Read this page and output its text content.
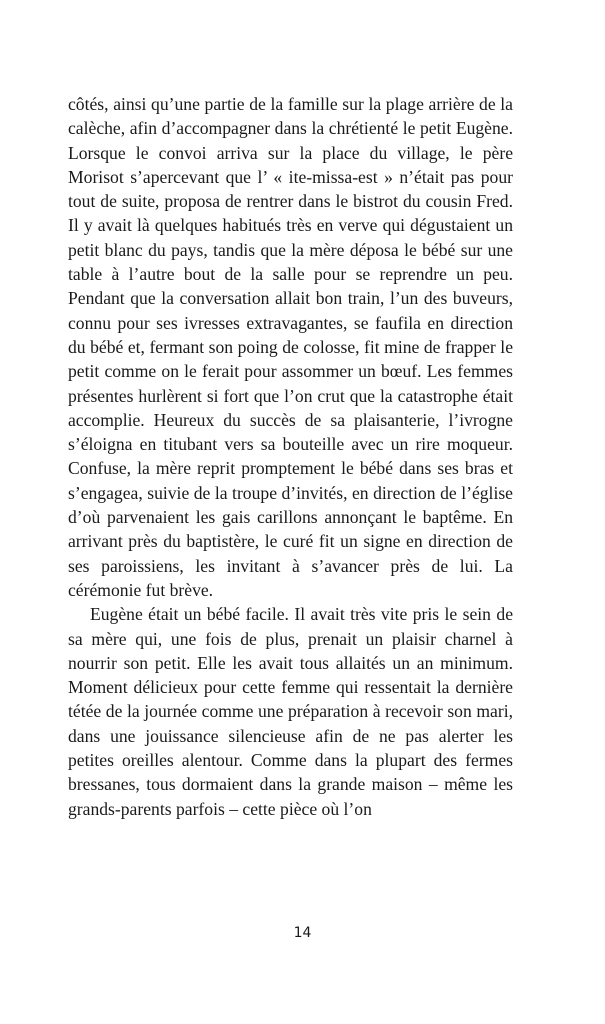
côtés, ainsi qu’une partie de la famille sur la plage arrière de la calèche, afin d’accompagner dans la chrétienté le petit Eugène. Lorsque le convoi arriva sur la place du village, le père Morisot s’apercevant que l’ « ite-missa-est » n’était pas pour tout de suite, proposa de rentrer dans le bistrot du cousin Fred. Il y avait là quelques habitués très en verve qui dégustaient un petit blanc du pays, tandis que la mère déposa le bébé sur une table à l’autre bout de la salle pour se reprendre un peu. Pendant que la conversation allait bon train, l’un des buveurs, connu pour ses ivresses extravagantes, se faufila en direction du bébé et, fermant son poing de colosse, fit mine de frapper le petit comme on le ferait pour assommer un bœuf. Les femmes présentes hurlèrent si fort que l’on crut que la catastrophe était accomplie. Heureux du succès de sa plaisanterie, l’ivrogne s’éloigna en titubant vers sa bouteille avec un rire moqueur. Confuse, la mère reprit promptement le bébé dans ses bras et s’engagea, suivie de la troupe d’invités, en direction de l’église d’où parvenaient les gais carillons annonçant le baptême. En arrivant près du baptistère, le curé fit un signe en direction de ses paroissiens, les invitant à s’avancer près de lui. La cérémonie fut brève.

Eugène était un bébé facile. Il avait très vite pris le sein de sa mère qui, une fois de plus, prenait un plaisir charnel à nourrir son petit. Elle les avait tous allaités un an minimum. Moment délicieux pour cette femme qui ressentait la dernière tétée de la journée comme une préparation à recevoir son mari, dans une jouissance silencieuse afin de ne pas alerter les petites oreilles alentour. Comme dans la plupart des fermes bressanes, tous dormaient dans la grande maison – même les grands-parents parfois – cette pièce où l’on

14
